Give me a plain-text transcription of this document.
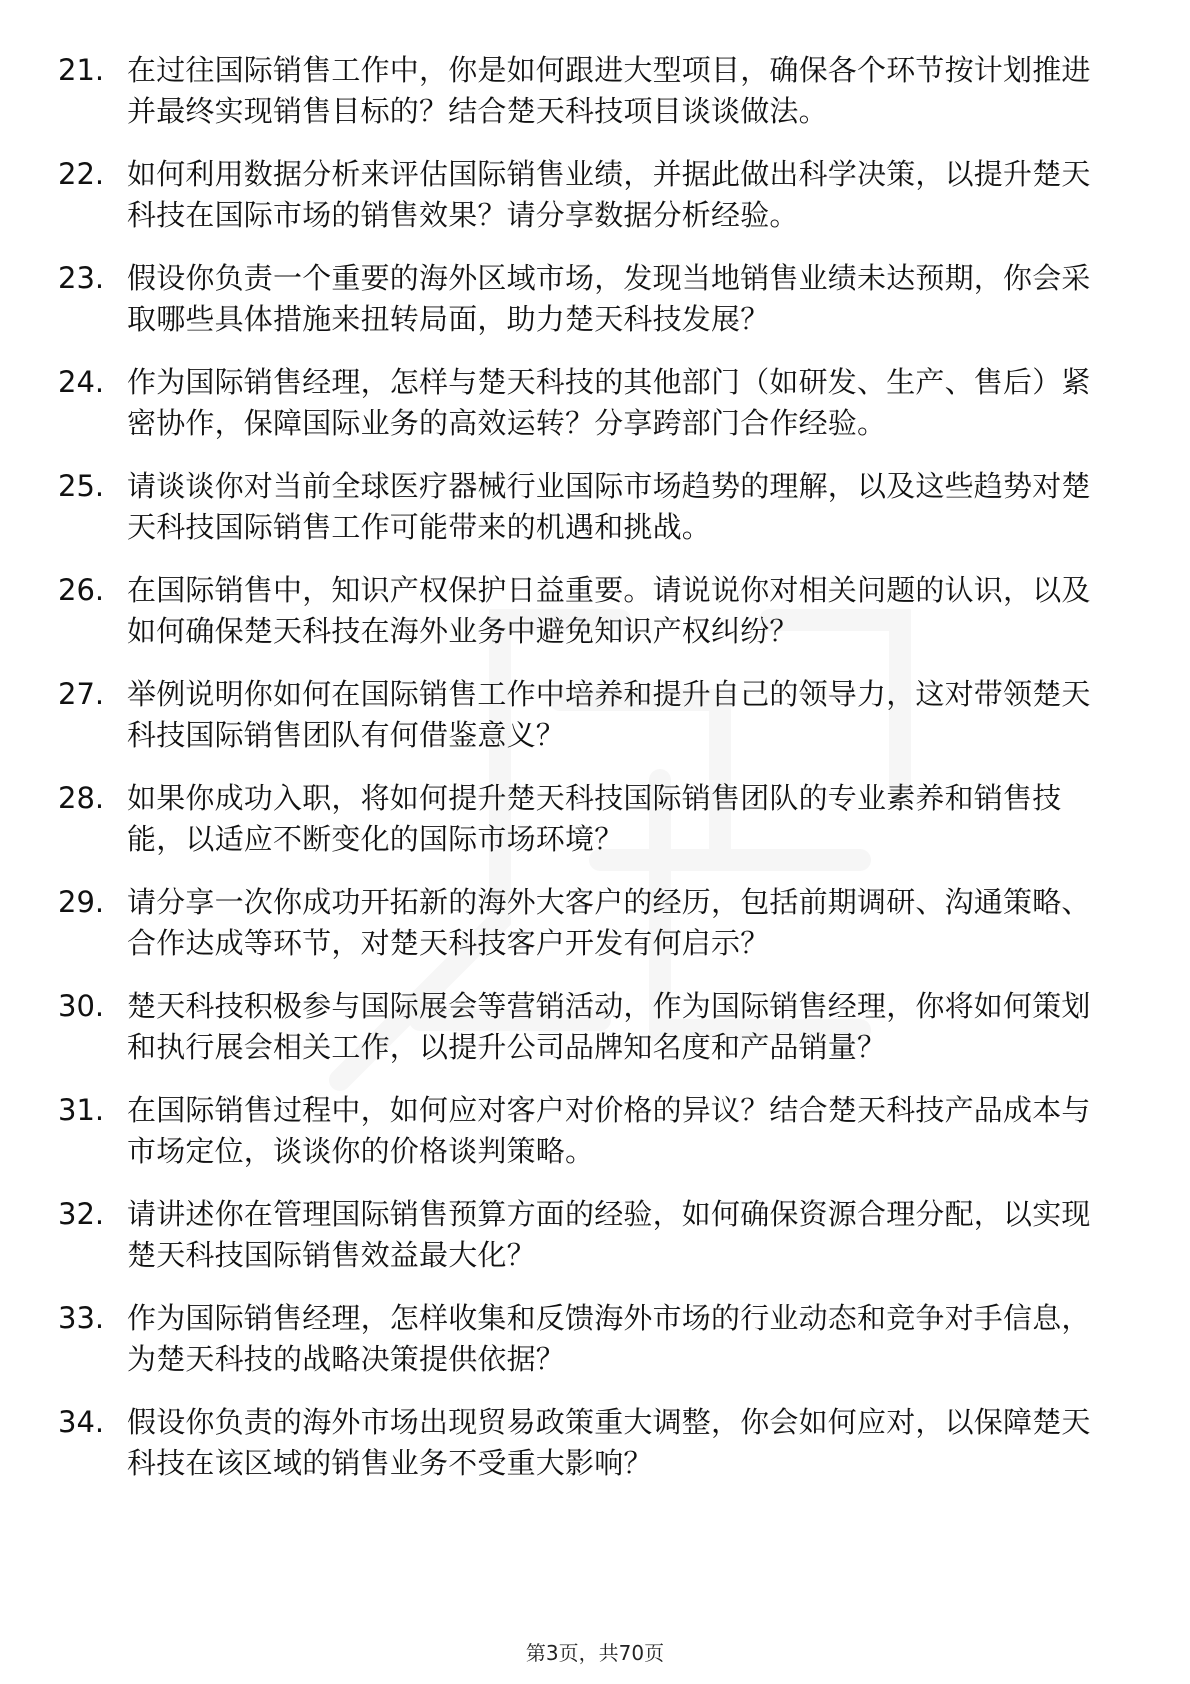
21. 在过往国际销售工作中，你是如何跟进大型项目，确保各个环节按计划推进并最终实现销售目标的？结合楚天科技项目谈谈做法。
22. 如何利用数据分析来评估国际销售业绩，并据此做出科学决策，以提升楚天科技在国际市场的销售效果？请分享数据分析经验。
23. 假设你负责一个重要的海外区域市场，发现当地销售业绩未达预期，你会采取哪些具体措施来扭转局面，助力楚天科技发展？
24. 作为国际销售经理，怎样与楚天科技的其他部门（如研发、生产、售后）紧密协作，保障国际业务的高效运转？分享跨部门合作经验。
25. 请谈谈你对当前全球医疗器械行业国际市场趋势的理解，以及这些趋势对楚天科技国际销售工作可能带来的机遇和挑战。
26. 在国际销售中，知识产权保护日益重要。请说说你对相关问题的认识，以及如何确保楚天科技在海外业务中避免知识产权纠纷？
27. 举例说明你如何在国际销售工作中培养和提升自己的领导力，这对带领楚天科技国际销售团队有何借鉴意义？
28. 如果你成功入职，将如何提升楚天科技国际销售团队的专业素养和销售技能，以适应不断变化的国际市场环境？
29. 请分享一次你成功开拓新的海外大客户的经历，包括前期调研、沟通策略、合作达成等环节，对楚天科技客户开发有何启示？
30. 楚天科技积极参与国际展会等营销活动，作为国际销售经理，你将如何策划和执行展会相关工作，以提升公司品牌知名度和产品销量？
31. 在国际销售过程中，如何应对客户对价格的异议？结合楚天科技产品成本与市场定位，谈谈你的价格谈判策略。
32. 请讲述你在管理国际销售预算方面的经验，如何确保资源合理分配，以实现楚天科技国际销售效益最大化？
33. 作为国际销售经理，怎样收集和反馈海外市场的行业动态和竞争对手信息，为楚天科技的战略决策提供依据？
34. 假设你负责的海外市场出现贸易政策重大调整，你会如何应对，以保障楚天科技在该区域的销售业务不受重大影响？
第3页，共70页
